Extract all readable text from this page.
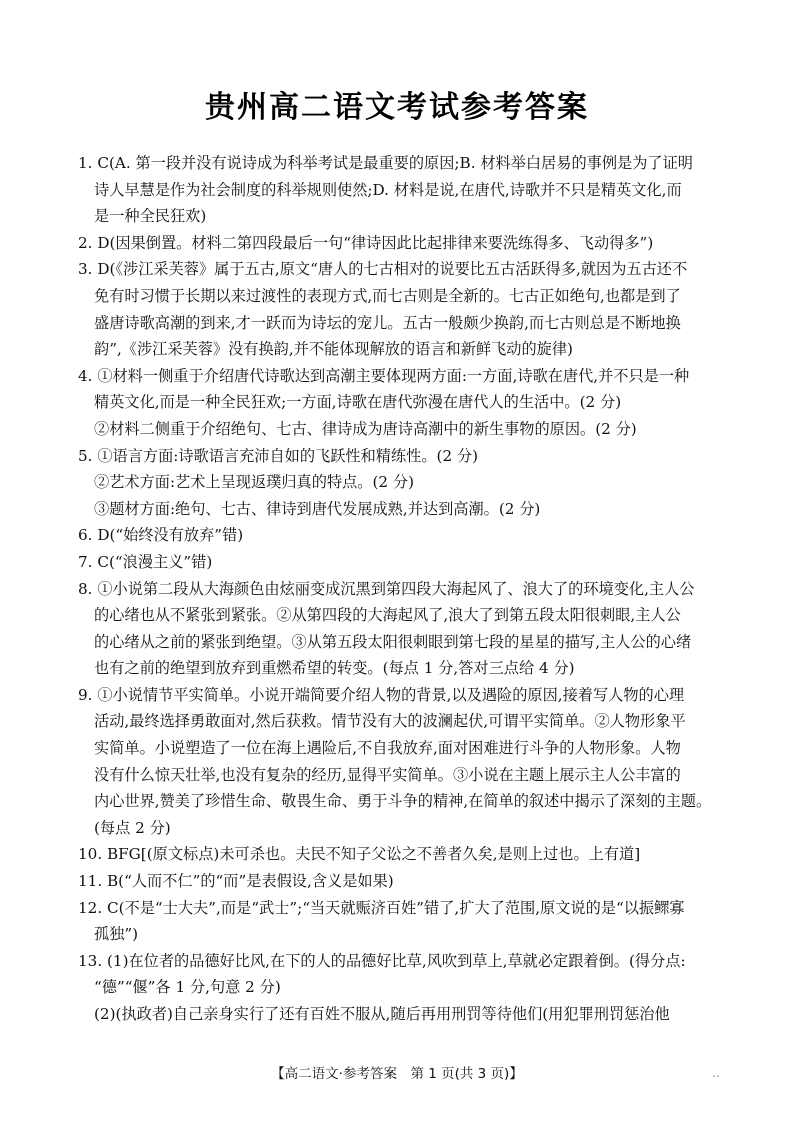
贵州高二语文考试参考答案
1. C(A. 第一段并没有说诗成为科举考试是最重要的原因;B. 材料举白居易的事例是为了证明
诗人早慧是作为社会制度的科举规则使然;D. 材料是说,在唐代,诗歌并不只是精英文化,而
是一种全民狂欢)
2. D(因果倒置。材料二第四段最后一句“律诗因此比起排律来要洗练得多、飞动得多”)
3. D(《涉江采芙蓉》属于五古,原文“唐人的七古相对的说要比五古活跃得多,就因为五古还不
免有时习惯于长期以来过渡性的表现方式,而七古则是全新的。七古正如绝句,也都是到了
盛唐诗歌高潮的到来,才一跃而为诗坛的宠儿。五古一般颇少换韵,而七古则总是不断地换
韵”,《涉江采芙蓉》没有换韵,并不能体现解放的语言和新鲜飞动的旋律)
4. ①材料一侧重于介绍唐代诗歌达到高潮主要体现两方面:一方面,诗歌在唐代,并不只是一种
精英文化,而是一种全民狂欢;一方面,诗歌在唐代弥漫在唐代人的生活中。(2 分)
②材料二侧重于介绍绝句、七古、律诗成为唐诗高潮中的新生事物的原因。(2 分)
5. ①语言方面:诗歌语言充沛自如的飞跃性和精练性。(2 分)
②艺术方面:艺术上呈现返璞归真的特点。(2 分)
③题材方面:绝句、七古、律诗到唐代发展成熟,并达到高潮。(2 分)
6. D(“始终没有放弃”错)
7. C(“浪漫主义”错)
8. ①小说第二段从大海颜色由炫丽变成沉黑到第四段大海起风了、浪大了的环境变化,主人公
的心绪也从不紧张到紧张。②从第四段的大海起风了,浪大了到第五段太阳很刺眼,主人公
的心绪从之前的紧张到绝望。③从第五段太阳很刺眼到第七段的星星的描写,主人公的心绪
也有之前的绝望到放弃到重燃希望的转变。(每点 1 分,答对三点给 4 分)
9. ①小说情节平实简单。小说开端简要介绍人物的背景,以及遇险的原因,接着写人物的心理
活动,最终选择勇敢面对,然后获救。情节没有大的波澜起伏,可谓平实简单。②人物形象平
实简单。小说塑造了一位在海上遇险后,不自我放弃,面对困难进行斗争的人物形象。人物
没有什么惊天壮举,也没有复杂的经历,显得平实简单。③小说在主题上展示主人公丰富的
内心世界,赞美了珍惜生命、敬畏生命、勇于斗争的精神,在简单的叙述中揭示了深刻的主题。
(每点 2 分)
10. BFG[(原文标点)未可杀也。夫民不知子父讼之不善者久矣,是则上过也。上有道]
11. B(“人而不仁”的“而”是表假设,含义是如果)
12. C(不是“士大夫”,而是“武士”;“当天就赈济百姓”错了,扩大了范围,原文说的是“以振鳏寡
孤独”)
13. (1)在位者的品德好比风,在下的人的品德好比草,风吹到草上,草就必定跟着倒。(得分点:
“德”“偃”各 1 分,句意 2 分)
(2)(执政者)自己亲身实行了还有百姓不服从,随后再用刑罚等待他们(用犯罪刑罚惩治他
【高二语文·参考答案　第 1 页(共 3 页)】	..
